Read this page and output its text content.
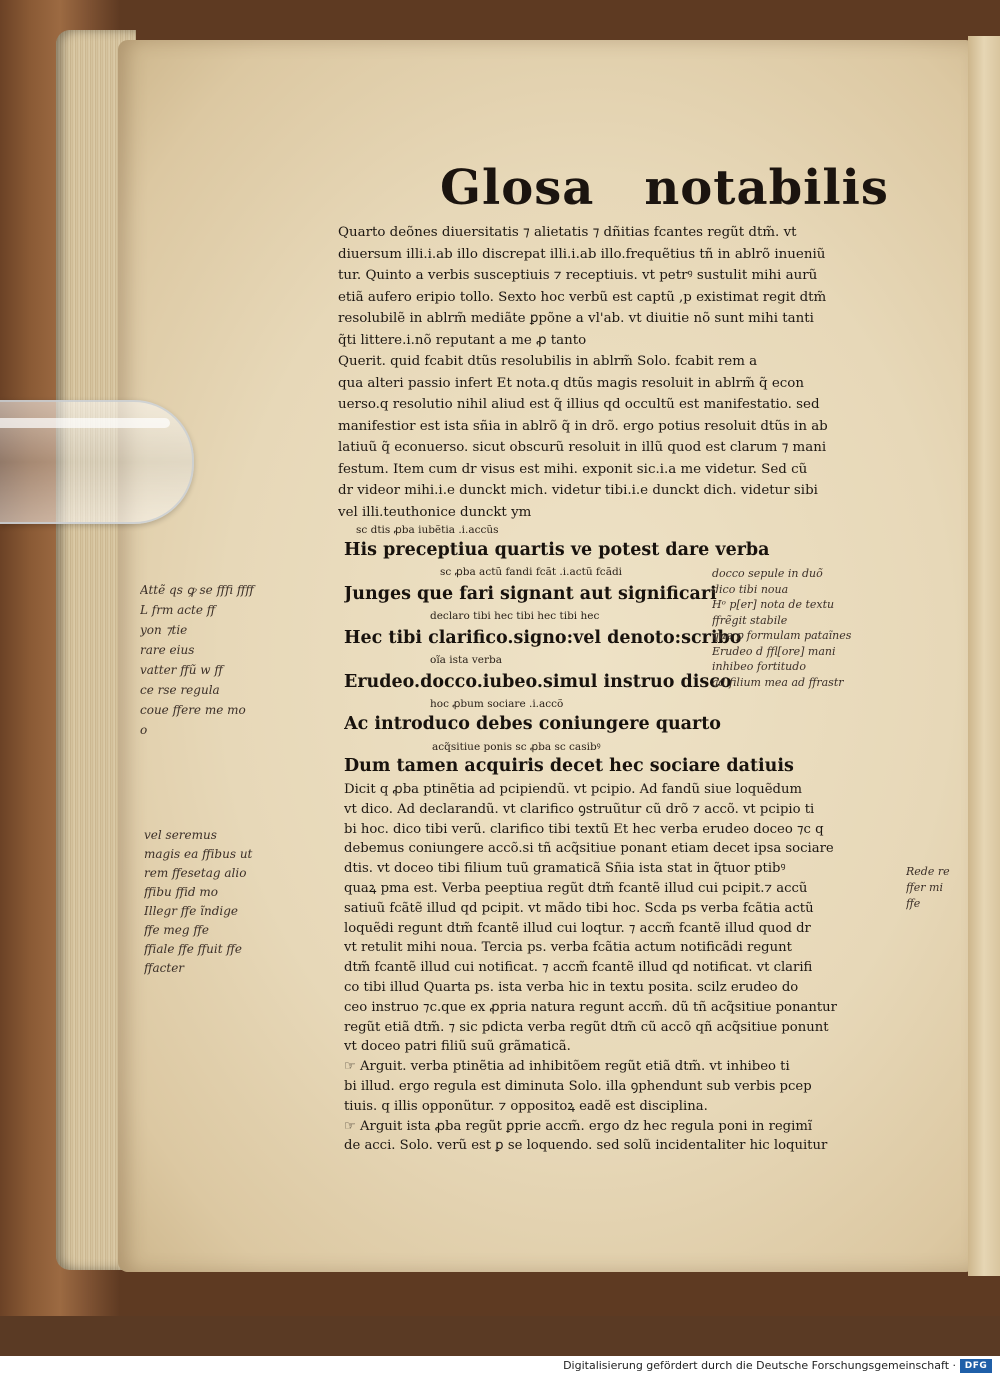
Glosa notabilis
Quarto deõnes diuersitatis ⁊ alietatis ⁊ dñitias fcantes regũt dtm̃. vt
diuersum illi.i.ab illo discrepat illi.i.ab illo.frequẽtius tñ in ablrõ inueniũ
tur. Quinto a verbis susceptiuis ⁊ receptiuis. vt petrꝰ sustulit mihi aurũ
etiã aufero eripio tollo. Sexto hoc verbũ est captũ ,p existimat regit dtm̃
resolubilẽ in ablrm̃ mediãte ꝑpõne a vl'ab. vt diuitie nõ sunt mihi tanti
q̃ti littere.i.nõ reputant a me ꝓ tanto
Querit. quid fcabit dtũs resolubilis in ablrm̃ Solo. fcabit rem a
qua alteri passio infert Et nota.q dtũs magis resoluit in ablrm̃ q̃ econ
uerso.q resolutio nihil aliud est q̃ illius qd occultũ est manifestatio. sed
manifestior est ista sñia in ablrõ q̃ in drõ. ergo potius resoluit dtũs in ab
latiuũ q̃ econuerso. sicut obscurũ resoluit in illũ quod est clarum ⁊ mani
festum. Item cum dr visus est mihi. exponit sic.i.a me videtur. Sed cũ
dr videor mihi.i.e dunckt mich. videtur tibi.i.e dunckt dich. videtur sibi
vel illi.teuthonice dunckt ym

sc dtis ꝓba iubẽtia .i.accũs

His preceptiua quartis ve potest dare verba

sc ꝓba actũ fandi fcãt .i.actũ fcãdi

Junges que fari signant aut significari

declaro tibi hec tibi hec tibi hec

Hec tibi clarifico.signo:vel denoto:scribo

oĩa ista verba

Erudeo.docco.iubeo.simul instruo disco

hoc ꝓbum sociare .i.accõ

Ac introduco debes coniungere quarto

acq̃sitiue ponis sc ꝓba sc casibꝰ

Dum tamen acquiris decet hec sociare datiuis

Dicit q ꝓba ptinẽtia ad pcipiendũ. vt pcipio. Ad fandũ siue loquẽdum
vt dico. Ad declarandũ. vt clarifico ꝯstruũtur cũ drõ ⁊ accõ. vt pcipio ti
bi hoc. dico tibi verũ. clarifico tibi textũ Et hec verba erudeo doceo ⁊c q
debemus coniungere accõ.si tñ acq̃sitiue ponant etiam decet ipsa sociare
dtis. vt doceo tibi filium tuũ gramaticã Sñia ista stat in q̃tuor ptibꝰ
quaꝝ pma est. Verba peeptiua regũt dtm̃ fcantẽ illud cui pcipit.⁊ accũ
satiuũ fcãtẽ illud qd pcipit. vt mãdo tibi hoc. Scda ps verba fcãtia actũ
loquẽdi regunt dtm̃ fcantẽ illud cui loqtur. ⁊ accm̃ fcantẽ illud quod dr
vt retulit mihi noua. Tercia ps. verba fcãtia actum notificãdi regunt
dtm̃ fcantẽ illud cui notificat. ⁊ accm̃ fcantẽ illud qd notificat. vt clarifi
co tibi illud Quarta ps. ista verba hic in textu posita. scilz erudeo do
ceo instruo ⁊c.que ex ꝓpria natura regunt accm̃. dũ tñ acq̃sitiue ponantur
regũt etiã dtm̃. ⁊ sic pdicta verba regũt dtm̃ cũ accõ qñ acq̃sitiue ponunt
vt doceo patri filiũ suũ grãmaticã.
☞ Arguit. verba ptinẽtia ad inhibitõem regũt etiã dtm̃. vt inhibeo ti
bi illud. ergo regula est diminuta Solo. illa ꝯphendunt sub verbis pcep
tiuis. q illis opponũtur. ⁊ oppositoꝝ eadẽ est disciplina.
☞ Arguit ista ꝓba regũt ꝑprie accm̃. ergo dz hec regula poni in regimĩ
de acci. Solo. verũ est ꝑ se loquendo. sed solũ incidentaliter hic loquitur
docco sepule in duõ
dico tibi noua
Hᵒ p[er] nota de textu
ffrẽgit stabile
que ꝑ formulam pataĩnes
Erudeo d ffl[ore] mani
inhibeo fortitudo
ad filium mea ad ffrastr
Attẽ qs ꝙ se fffi ffff
L frm acte ff
yon ⁊tie
rare eius
vatter ffũ w ff
ce rse regula
coue ffere me mo
o
vel seremus
magis ea ffibus ut
rem ffesetag alio
ffibu ffid mo
Illegr ffe ĩndige
ffe meg ffe
ffiale ffe ffuit ffe
ffacter
Rede re
ffer mi
ffe
Digitalisierung gefördert durch die Deutsche Forschungsgemeinschaft · DFG
